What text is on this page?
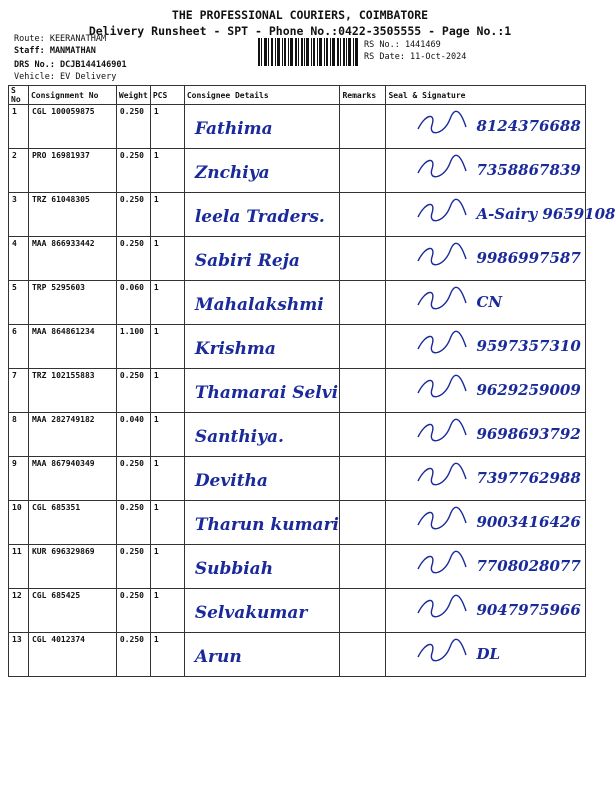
THE PROFESSIONAL COURIERS, COIMBATORE
Delivery Runsheet - SPT - Phone No.:0422-3505555 - Page No.:1
Route: KEERANATHAM
Staff: MANMATHAN
DRS No.: DCJB144146901
Vehicle: EV Delivery
RS No.: 1441469
RS Date: 11-Oct-2024
S No	Consignment No	Weight	PCS	Consignee Details	Remarks	Seal & Signature
1	CGL 100059875	0.250	1	Fathima		8124376688

2	PRO 16981937	0.250	1	Znchiya		7358867839

3	TRZ 61048305	0.250	1	leela Traders.		A-Sairy 9659108

4	MAA 866933442	0.250	1	Sabiri Reja		9986997587

5	TRP 5295603	0.060	1	Mahalakshmi		CN

6	MAA 864861234	1.100	1	Krishma		9597357310

7	TRZ 102155883	0.250	1	Thamarai Selvi		9629259009

8	MAA 282749182	0.040	1	Santhiya.		9698693792

9	MAA 867940349	0.250	1	Devitha		7397762988

10	CGL 685351	0.250	1	Tharun kumari		9003416426

11	KUR 696329869	0.250	1	Subbiah		7708028077

12	CGL 685425	0.250	1	Selvakumar		9047975966

13	CGL 4012374	0.250	1	Arun		DL
